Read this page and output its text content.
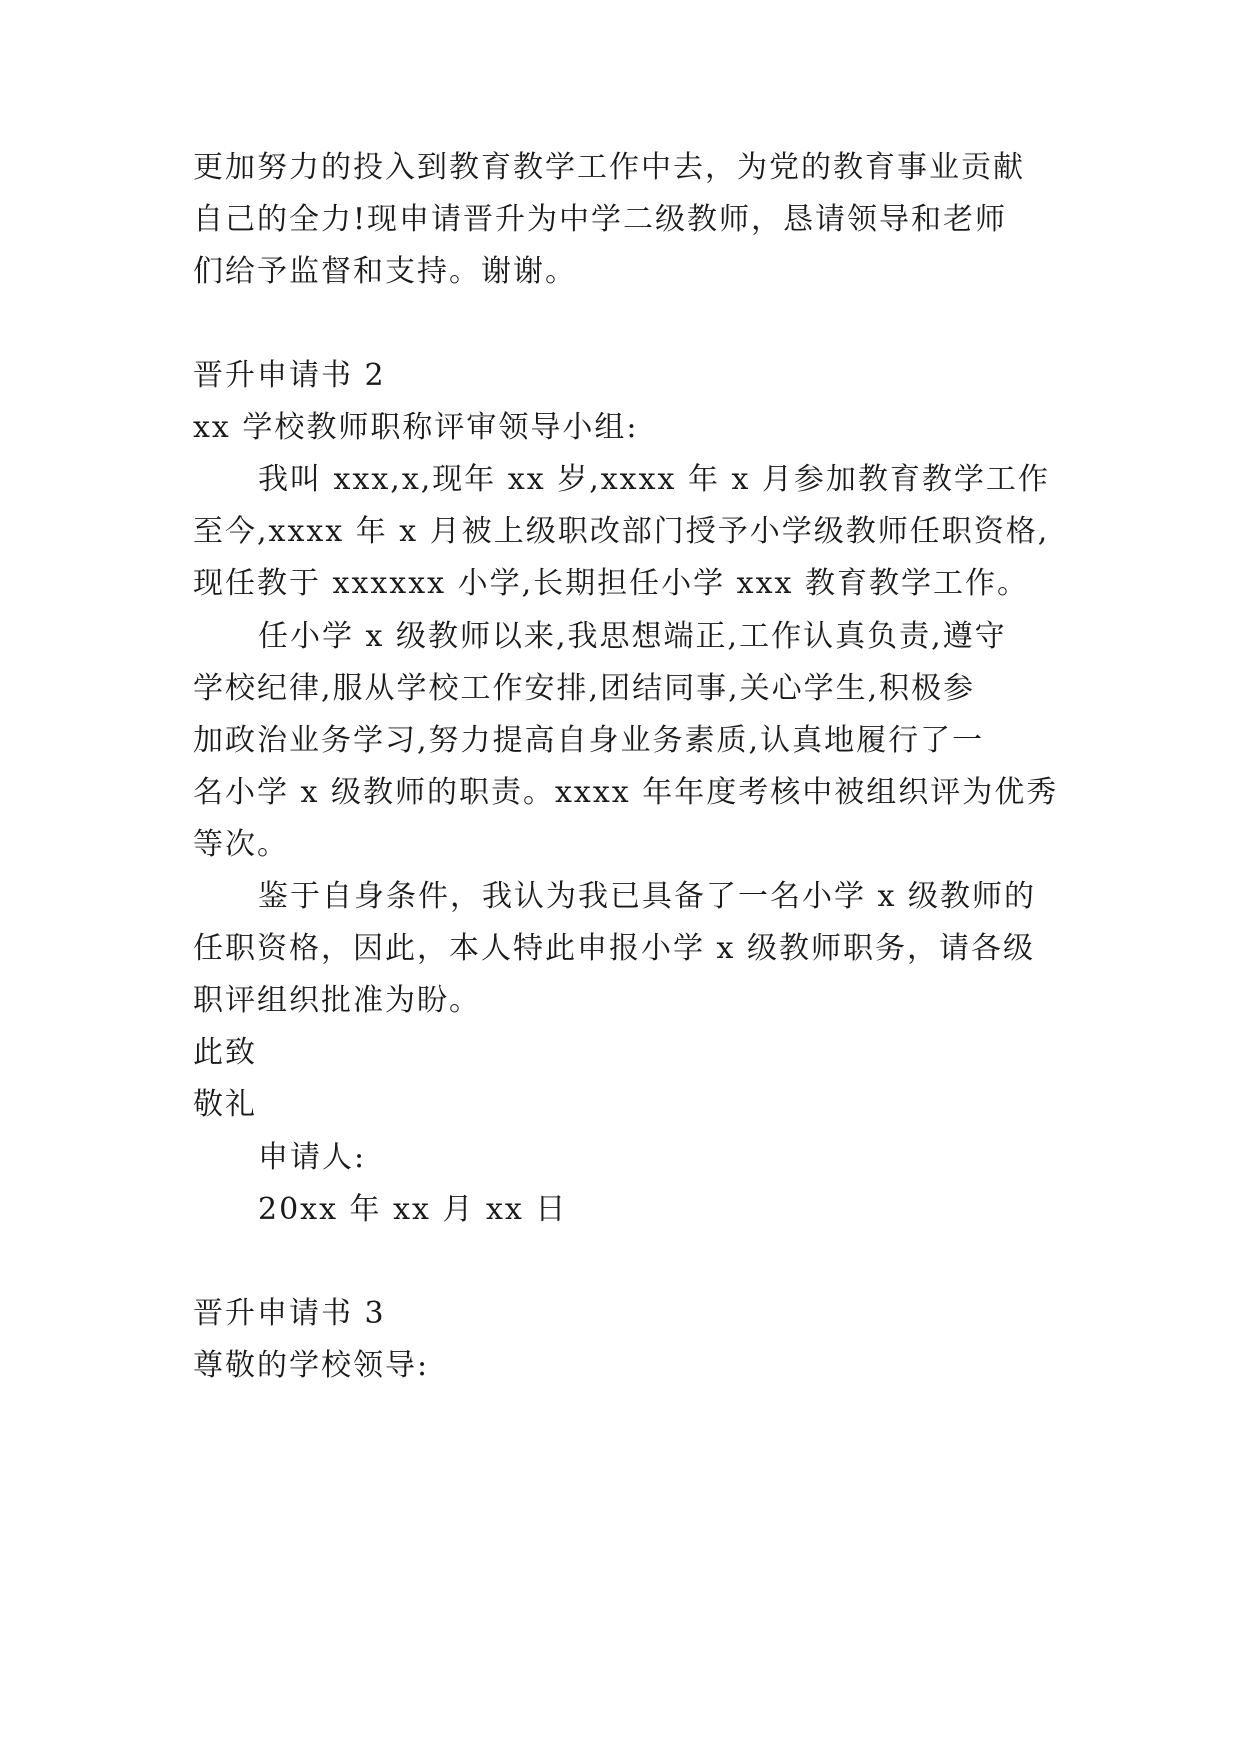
更加努力的投入到教育教学工作中去，为党的教育事业贡献
自己的全力!现申请晋升为中学二级教师，恳请领导和老师
们给予监督和支持。谢谢。
晋升申请书 2
xx 学校教师职称评审领导小组:
我叫 xxx,x,现年 xx 岁,xxxx 年 x 月参加教育教学工作
至今,xxxx 年 x 月被上级职改部门授予小学级教师任职资格,
现任教于 xxxxxx 小学,长期担任小学 xxx 教育教学工作。
任小学 x 级教师以来,我思想端正,工作认真负责,遵守
学校纪律,服从学校工作安排,团结同事,关心学生,积极参
加政治业务学习,努力提高自身业务素质,认真地履行了一
名小学 x 级教师的职责。xxxx 年年度考核中被组织评为优秀
等次。
鉴于自身条件，我认为我已具备了一名小学 x 级教师的
任职资格，因此，本人特此申报小学 x 级教师职务，请各级
职评组织批准为盼。
此致
敬礼
申请人:
20xx 年 xx 月 xx 日
晋升申请书 3
尊敬的学校领导:
